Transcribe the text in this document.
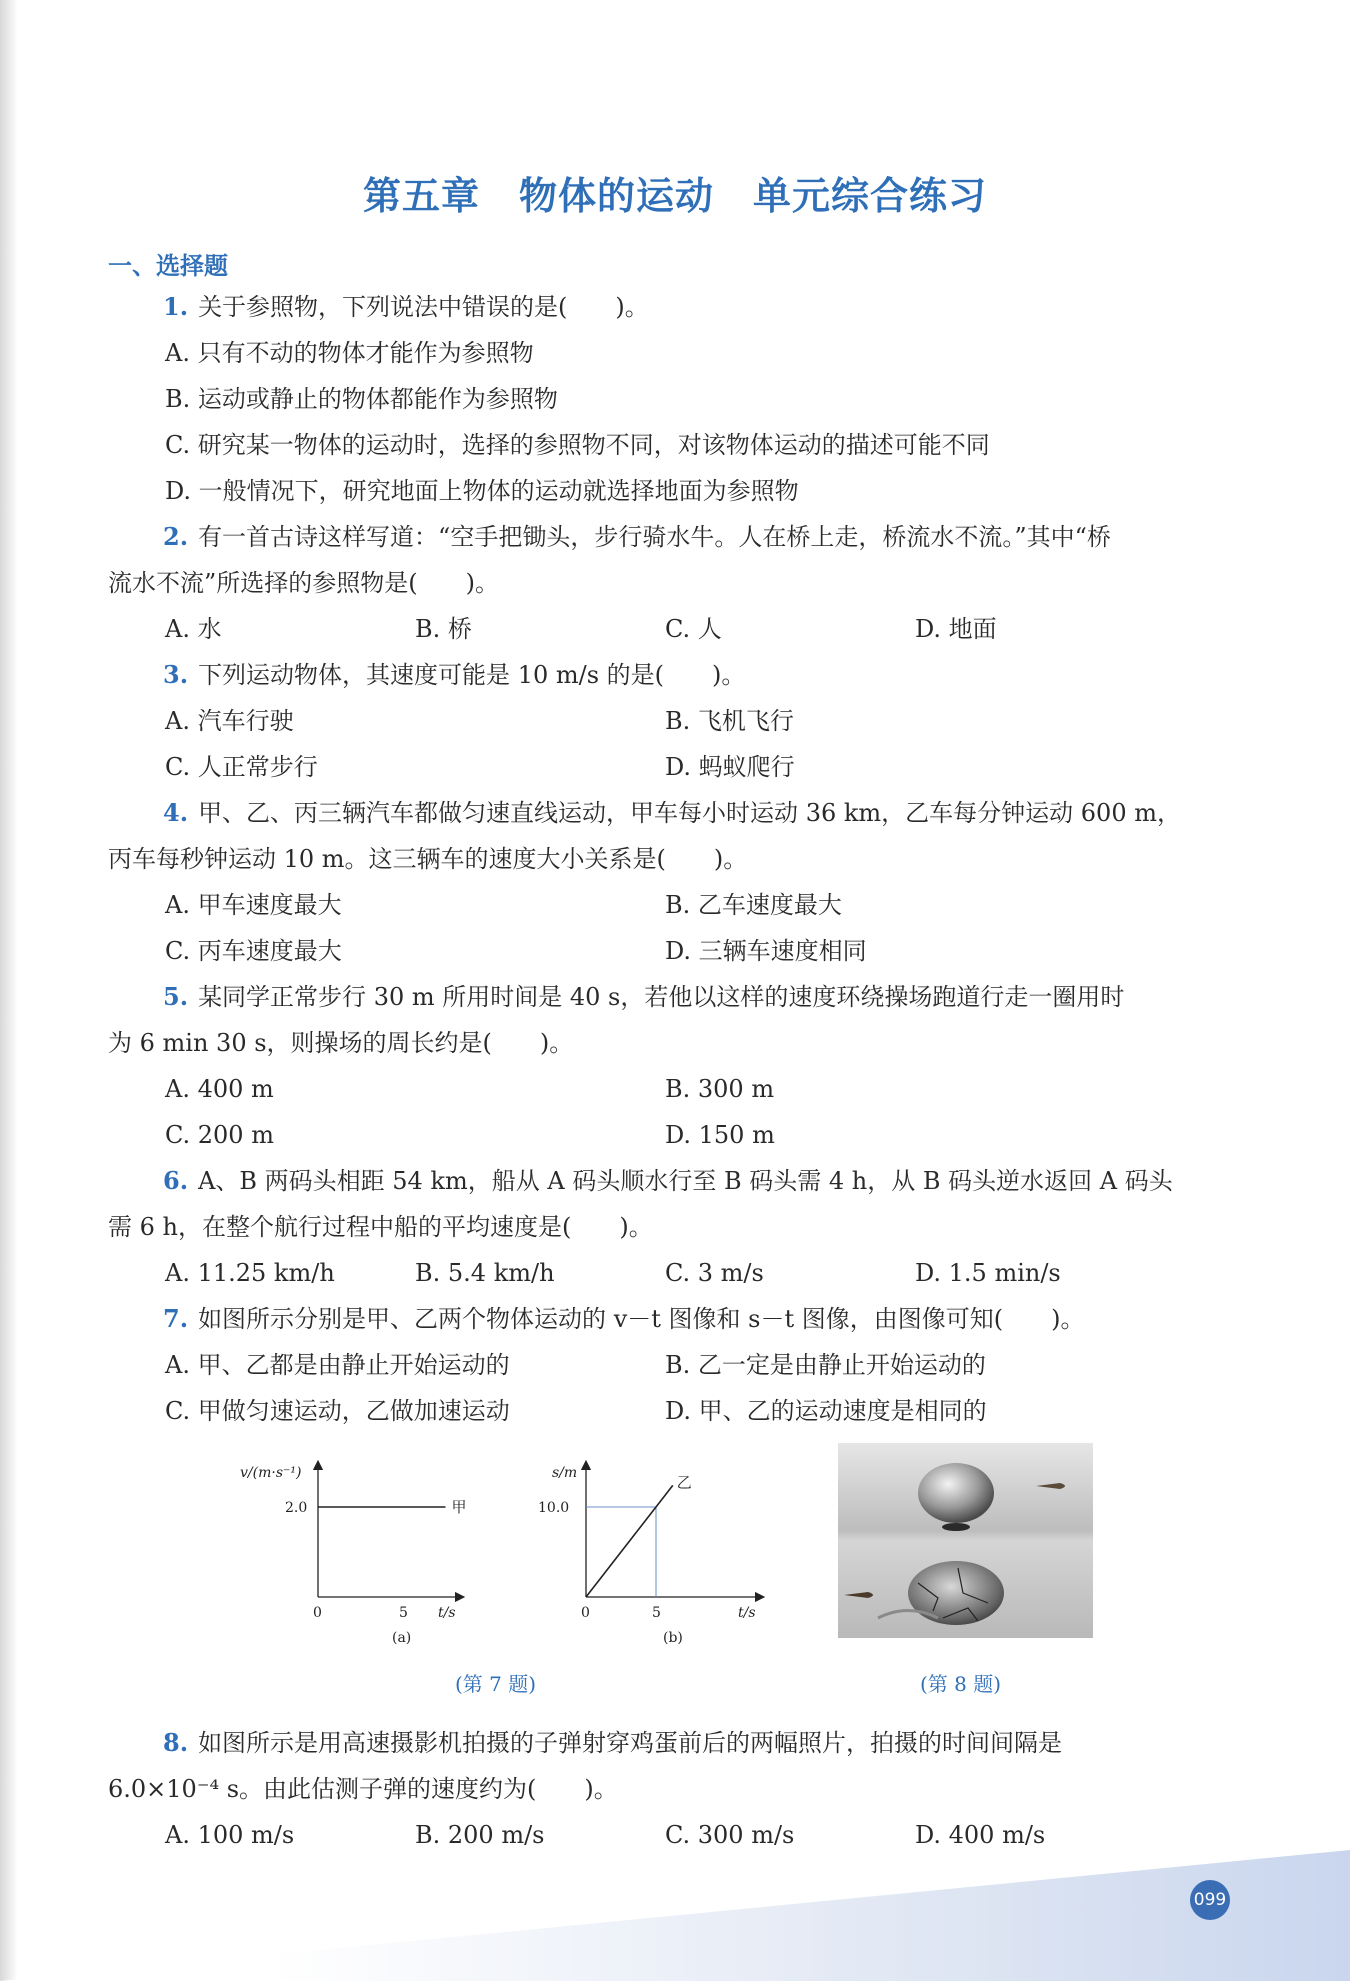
第五章　物体的运动　单元综合练习
一、选择题
1. 关于参照物，下列说法中错误的是(　　)。
A. 只有不动的物体才能作为参照物
B. 运动或静止的物体都能作为参照物
C. 研究某一物体的运动时，选择的参照物不同，对该物体运动的描述可能不同
D. 一般情况下，研究地面上物体的运动就选择地面为参照物
2. 有一首古诗这样写道：“空手把锄头，步行骑水牛。人在桥上走，桥流水不流。”其中“桥
流水不流”所选择的参照物是(　　)。
A. 水	B. 桥	C. 人	D. 地面
3. 下列运动物体，其速度可能是 10 m/s 的是(　　)。
A. 汽车行驶	B. 飞机飞行
C. 人正常步行	D. 蚂蚁爬行
4. 甲、乙、丙三辆汽车都做匀速直线运动，甲车每小时运动 36 km，乙车每分钟运动 600 m，
丙车每秒钟运动 10 m。这三辆车的速度大小关系是(　　)。
A. 甲车速度最大	B. 乙车速度最大
C. 丙车速度最大	D. 三辆车速度相同
5. 某同学正常步行 30 m 所用时间是 40 s，若他以这样的速度环绕操场跑道行走一圈用时
为 6 min 30 s，则操场的周长约是(　　)。
A. 400 m	B. 300 m
C. 200 m	D. 150 m
6. A、B 两码头相距 54 km，船从 A 码头顺水行至 B 码头需 4 h，从 B 码头逆水返回 A 码头
需 6 h，在整个航行过程中船的平均速度是(　　)。
A. 11.25 km/h	B. 5.4 km/h	C. 3 m/s	D. 1.5 min/s
7. 如图所示分别是甲、乙两个物体运动的 v－t 图像和 s－t 图像，由图像可知(　　)。
A. 甲、乙都是由静止开始运动的	B. 乙一定是由静止开始运动的
C. 甲做匀速运动，乙做加速运动	D. 甲、乙的运动速度是相同的
v/(m·s⁻¹)
2.0	甲
0	5 t/s
(a)
s/m
10.0
乙
0	5	t/s
(b)
(第 7 题)	(第 8 题)
8. 如图所示是用高速摄影机拍摄的子弹射穿鸡蛋前后的两幅照片，拍摄的时间间隔是
6.0×10⁻⁴ s。由此估测子弹的速度约为(　　)。
A. 100 m/s	B. 200 m/s	C. 300 m/s	D. 400 m/s
099
